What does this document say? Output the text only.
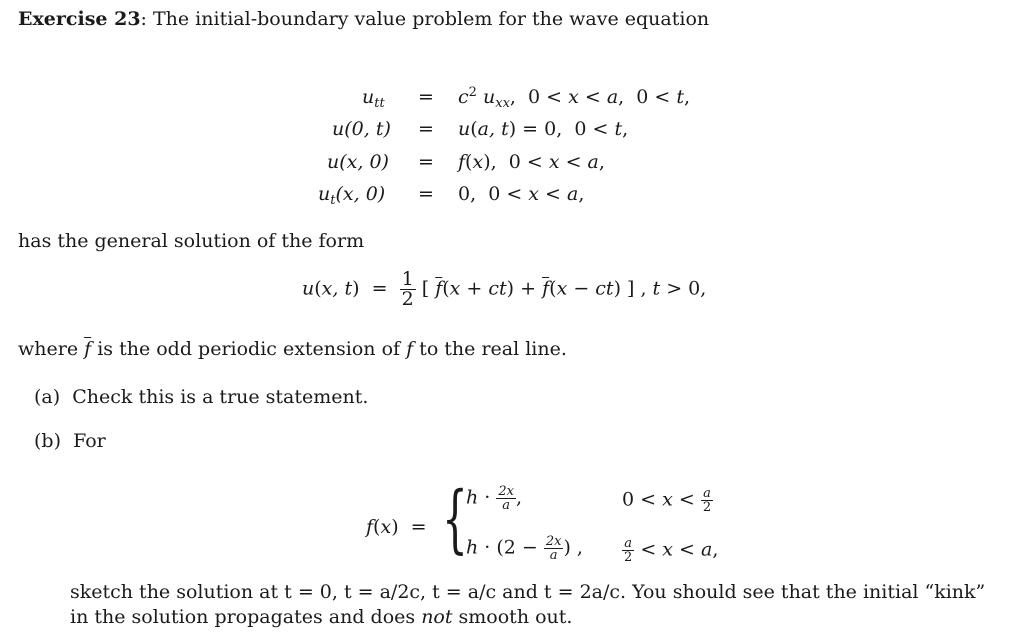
Exercise 23: The initial-boundary value problem for the wave equation
$u_{tt} = c^2$ $u_{xx}$,  0 < x < a,  0 < t,
u(0, t) = u(a, t) = 0,  0 < t,
u(x, 0) = f(x),  0 < x < a,
$u_t(x$, 0) = 0,  0 < x < a,
has the general solution of the form
u(x, $t) = \frac{1}{2}$ [ $\overline{f}(x + ct) + \overline{f}(x - ct)$ ] , t > 0,
where $\overline{f}$ is the odd periodic extension of f to the real line.
(a) Check this is a true statement.
(b) For
f(x)  = {
$h \cdot \frac{2x}{a}$ ,	$0 < x < \frac{a}{2}$
$h \cdot (2 - \frac{2x}{a}$ ) ,	$\frac{a}{2} < x < a$,
sketch the solution at t = 0, t = a/2c, t = a/c and t = 2a/c. You should see that the initial “kink”
in the solution propagates and does not smooth out.
